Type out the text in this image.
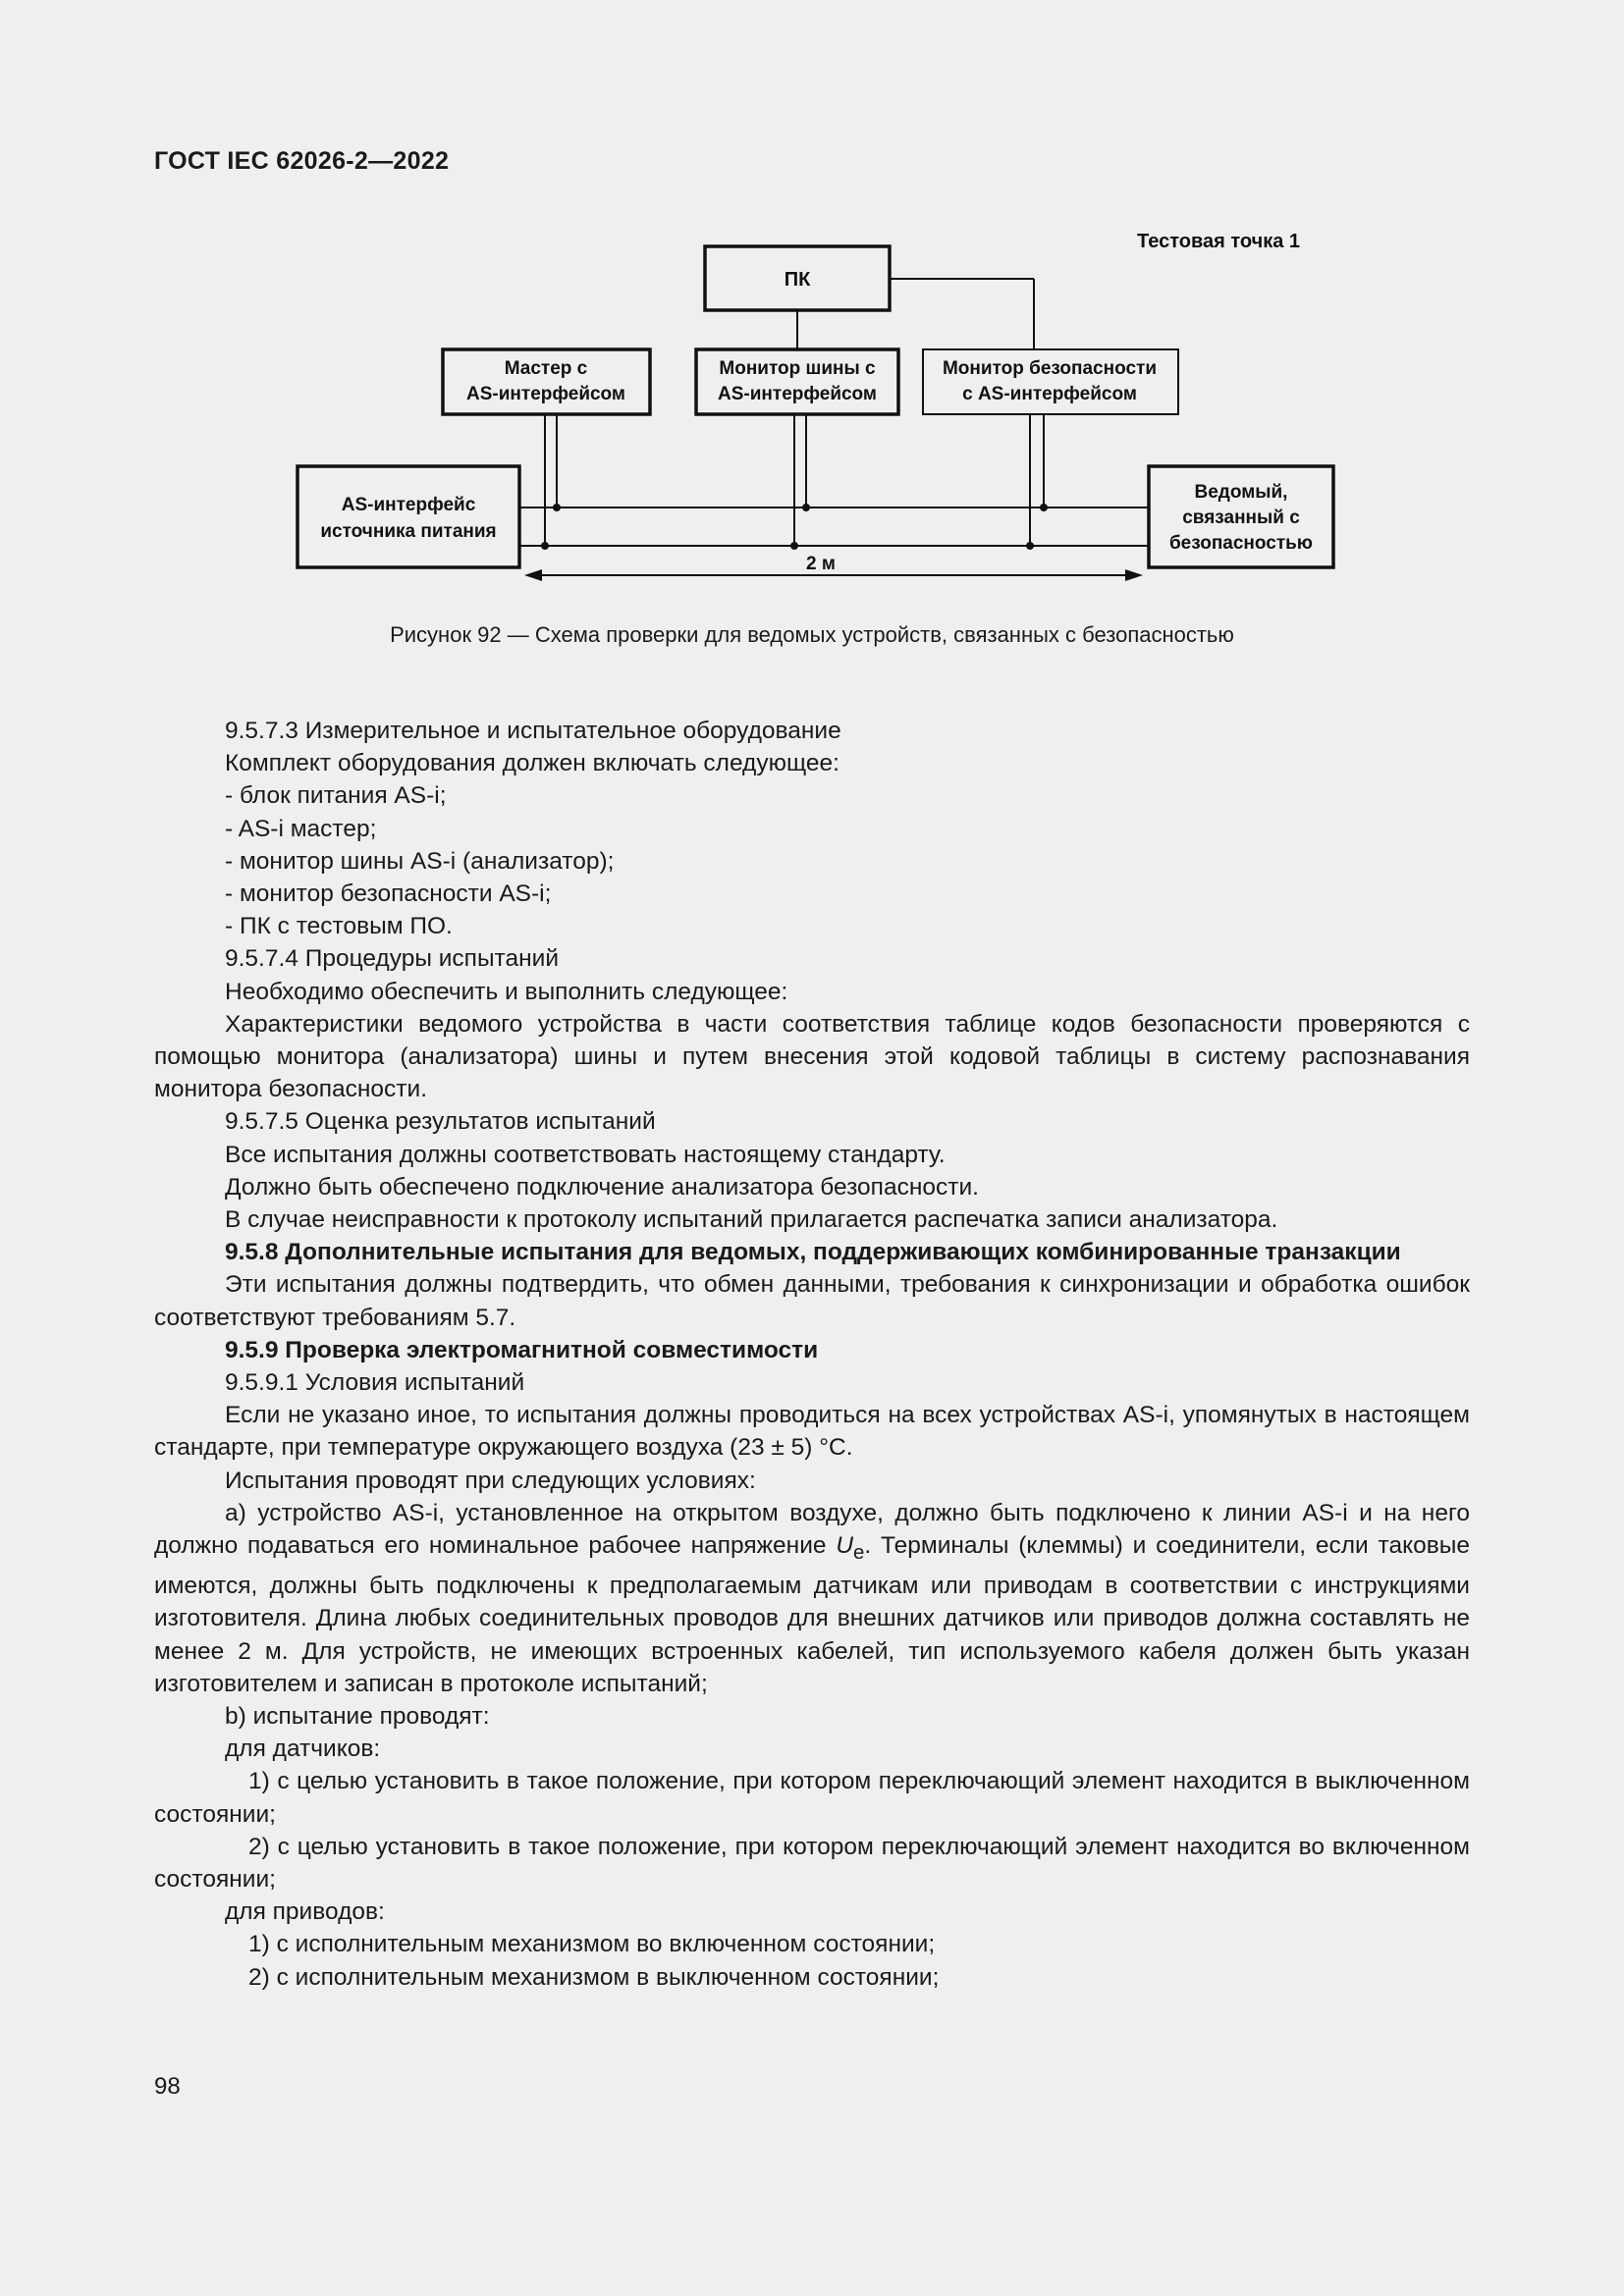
ГОСТ IEC 62026-2—2022
Тестовая точка 1
ПК
Мастер с
AS-интерфейсом
Монитор шины с
AS-интерфейсом
Монитор безопасности
с AS-интерфейсом
AS-интерфейс
источника питания
Ведомый,
связанный с
безопасностью
2 м
Рисунок 92 — Схема проверки для ведомых устройств, связанных с безопасностью

9.5.7.3 Измерительное и испытательное оборудование

Комплект оборудования должен включать следующее:

- блок питания AS-i;

- AS-i мастер;

- монитор шины AS-i (анализатор);

- монитор безопасности AS-i;

- ПК с тестовым ПО.

9.5.7.4 Процедуры испытаний

Необходимо обеспечить и выполнить следующее:

Характеристики ведомого устройства в части соответствия таблице кодов безопасности проверяются с помощью монитора (анализатора) шины и путем внесения этой кодовой таблицы в систему распознавания монитора безопасности.

9.5.7.5 Оценка результатов испытаний

Все испытания должны соответствовать настоящему стандарту.

Должно быть обеспечено подключение анализатора безопасности.

В случае неисправности к протоколу испытаний прилагается распечатка записи анализатора.

9.5.8 Дополнительные испытания для ведомых, поддерживающих комбинированные транзакции

Эти испытания должны подтвердить, что обмен данными, требования к синхронизации и обработка ошибок соответствуют требованиям 5.7.

9.5.9 Проверка электромагнитной совместимости

9.5.9.1 Условия испытаний

Если не указано иное, то испытания должны проводиться на всех устройствах AS-i, упомянутых в настоящем стандарте, при температуре окружающего воздуха (23 ± 5) °С.

Испытания проводят при следующих условиях:

а) устройство AS-i, установленное на открытом воздухе, должно быть подключено к линии AS-i и на него должно подаваться его номинальное рабочее напряжение $U_e$. Терминалы (клеммы) и соединители, если таковые имеются, должны быть подключены к предполагаемым датчикам или приводам в соответствии с инструкциями изготовителя. Длина любых соединительных проводов для внешних датчиков или приводов должна составлять не менее 2 м. Для устройств, не имеющих встроенных кабелей, тип используемого кабеля должен быть указан изготовителем и записан в протоколе испытаний;

b) испытание проводят:

для датчиков:

1) с целью установить в такое положение, при котором переключающий элемент находится в выключенном состоянии;

2) с целью установить в такое положение, при котором переключающий элемент находится во включенном состоянии;

для приводов:

1) с исполнительным механизмом во включенном состоянии;

2) с исполнительным механизмом в выключенном состоянии;

98
